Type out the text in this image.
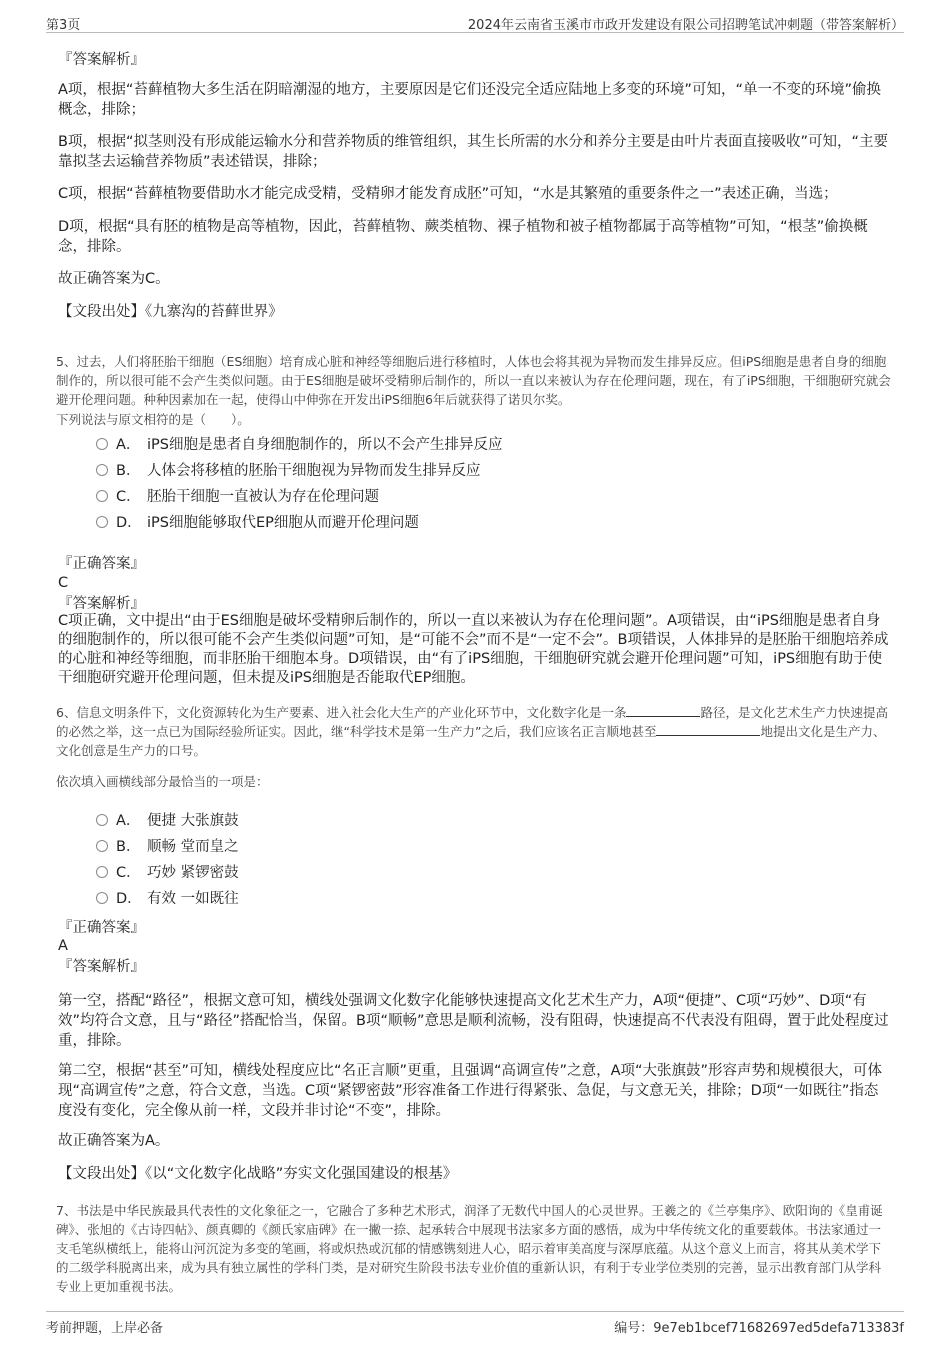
第3页	2024年云南省玉溪市市政开发建设有限公司招聘笔试冲刺题（带答案解析）
『答案解析』
A项，根据“苔藓植物大多生活在阴暗潮湿的地方，主要原因是它们还没完全适应陆地上多变的环境”可知，“单一不变的环境”偷换概念，排除；
B项，根据“拟茎则没有形成能运输水分和营养物质的维管组织，其生长所需的水分和养分主要是由叶片表面直接吸收”可知，“主要靠拟茎去运输营养物质”表述错误，排除；
C项，根据“苔藓植物要借助水才能完成受精，受精卵才能发育成胚”可知，“水是其繁殖的重要条件之一”表述正确，当选；
D项，根据“具有胚的植物是高等植物，因此，苔藓植物、蕨类植物、裸子植物和被子植物都属于高等植物”可知，“根茎”偷换概念，排除。
故正确答案为C。
【文段出处】《九寨沟的苔藓世界》
5、过去，人们将胚胎干细胞（ES细胞）培育成心脏和神经等细胞后进行移植时，人体也会将其视为异物而发生排异反应。但iPS细胞是患者自身的细胞制作的，所以很可能不会产生类似问题。由于ES细胞是破坏受精卵后制作的，所以一直以来被认为存在伦理问题，现在，有了iPS细胞，干细胞研究就会避开伦理问题。种种因素加在一起，使得山中伸弥在开发出iPS细胞6年后就获得了诺贝尔奖。
下列说法与原文相符的是（　　）。
A． iPS细胞是患者自身细胞制作的，所以不会产生排异反应
B． 人体会将移植的胚胎干细胞视为异物而发生排异反应
C． 胚胎干细胞一直被认为存在伦理问题
D． iPS细胞能够取代EP细胞从而避开伦理问题
『正确答案』
C
『答案解析』
C项正确，文中提出“由于ES细胞是破坏受精卵后制作的，所以一直以来被认为存在伦理问题”。A项错误，由“iPS细胞是患者自身的细胞制作的，所以很可能不会产生类似问题”可知，是“可能不会”而不是“一定不会”。B项错误，人体排异的是胚胎干细胞培养成的心脏和神经等细胞，而非胚胎干细胞本身。D项错误，由“有了iPS细胞，干细胞研究就会避开伦理问题”可知，iPS细胞有助于使干细胞研究避开伦理问题，但未提及iPS细胞是否能取代EP细胞。
6、信息文明条件下，文化资源转化为生产要素、进入社会化大生产的产业化环节中，文化数字化是一条	路径，是文化艺术生产力快速提高的必然之举，这一点已为国际经验所证实。因此，继“科学技术是第一生产力”之后，我们应该名正言顺地甚至	地提出文化是生产力、文化创意是生产力的口号。
依次填入画横线部分最恰当的一项是：
A． 便捷 大张旗鼓
B． 顺畅 堂而皇之
C． 巧妙 紧锣密鼓
D． 有效 一如既往
『正确答案』
A
『答案解析』
第一空，搭配“路径”，根据文意可知，横线处强调文化数字化能够快速提高文化艺术生产力，A项“便捷”、C项“巧妙”、D项“有效”均符合文意，且与“路径”搭配恰当，保留。B项“顺畅”意思是顺利流畅，没有阻碍，快速提高不代表没有阻碍，置于此处程度过重，排除。
第二空，根据“甚至”可知，横线处程度应比“名正言顺”更重，且强调“高调宣传”之意，A项“大张旗鼓”形容声势和规模很大，可体现“高调宣传”之意，符合文意，当选。C项“紧锣密鼓”形容准备工作进行得紧张、急促，与文意无关，排除；D项“一如既往”指态度没有变化，完全像从前一样，文段并非讨论“不变”，排除。
故正确答案为A。
【文段出处】《以“文化数字化战略”夯实文化强国建设的根基》
7、书法是中华民族最具代表性的文化象征之一，它融合了多种艺术形式，润泽了无数代中国人的心灵世界。王羲之的《兰亭集序》、欧阳询的《皇甫诞碑》、张旭的《古诗四帖》、颜真卿的《颜氏家庙碑》在一撇一捺、起承转合中展现书法家多方面的感悟，成为中华传统文化的重要载体。书法家通过一支毛笔纵横纸上，能将山河沉淀为多变的笔画，将或炽热或沉郁的情感镌刻进人心，昭示着审美高度与深厚底蕴。从这个意义上而言，将其从美术学下的二级学科脱离出来，成为具有独立属性的学科门类，是对研究生阶段书法专业价值的重新认识，有利于专业学位类别的完善，显示出教育部门从学科专业上更加重视书法。
考前押题，上岸必备	编号：9e7eb1bcef71682697ed5defa713383f
